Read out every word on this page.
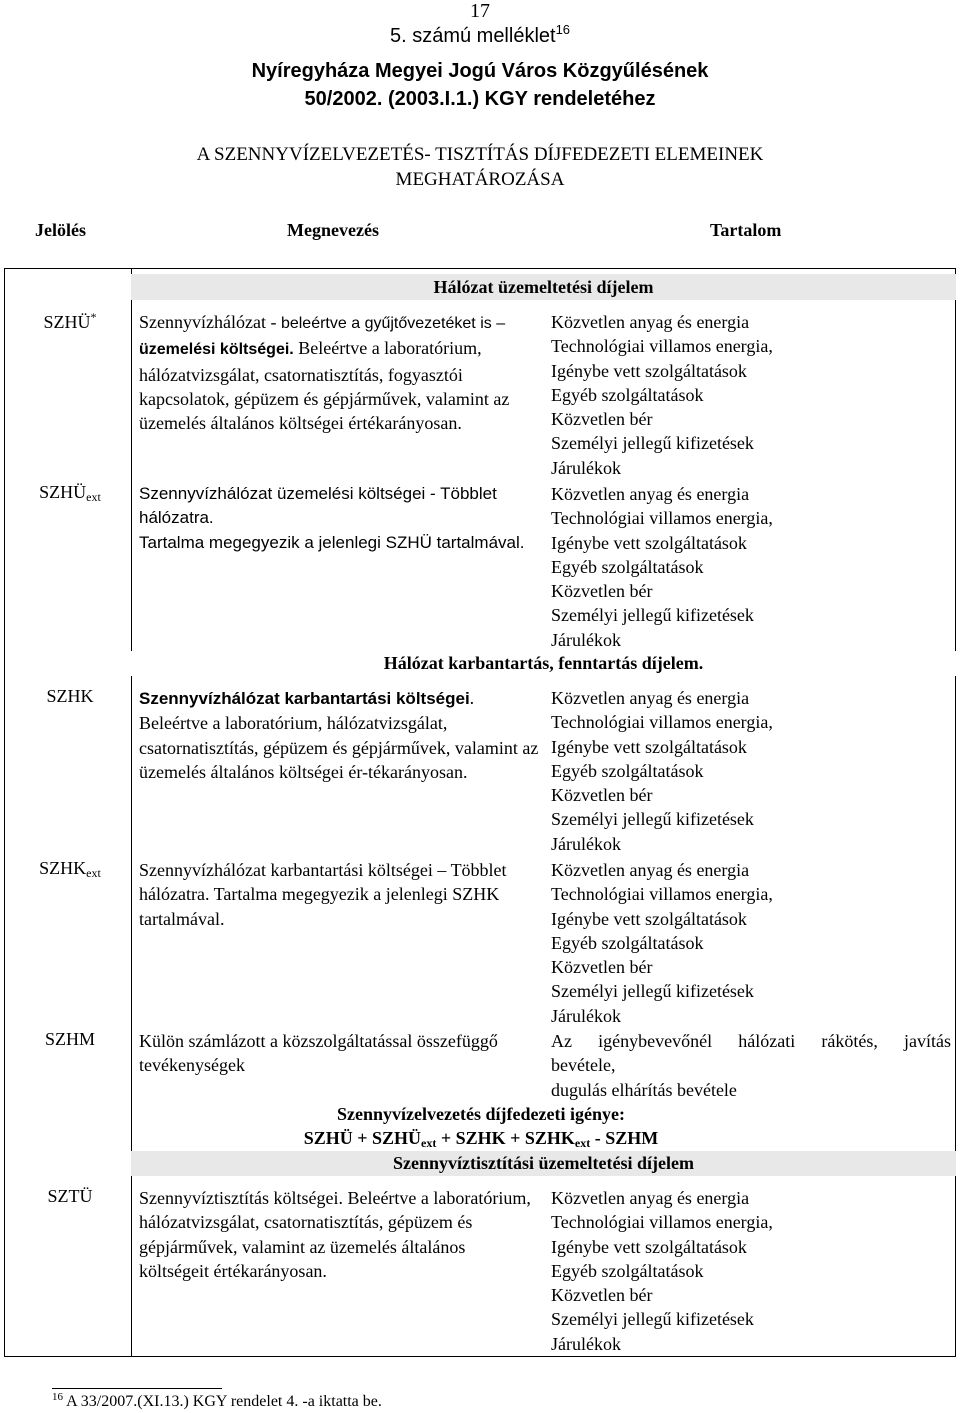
17
5. számú melléklet$^{16}$
Nyíregyháza Megyei Jogú Város Közgyűlésének
50/2002. (2003.I.1.) KGY rendeletéhez
A SZENNYVÍZELVEZETÉS- TISZTÍTÁS DÍJFEDEZETI ELEMEINEK
MEGHATÁROZÁSA
Jelölés	Megnevezés	Tartalom
Hálózat üzemeltetési díjelem
SZHÜ*	Szennyvízhálózat - beleértve a gyűjtővezetéket is – üzemelési költségei. Beleértve a laboratórium, hálózatvizsgálat, csatornatisztítás, fogyasztói kapcsolatok, gépüzem és gépjárművek, valamint az üzemelés általános költségei értékarányosan.
Közvetlen anyag és energia
Technológiai villamos energia,
Igénybe vett szolgáltatások
Egyéb szolgáltatások
Közvetlen bér
Személyi jellegű kifizetések
Járulékok
$SZHÜ_{ext}$	Szennyvízhálózat üzemelési költségei - Többlet hálózatra.
Tartalma megegyezik a jelenlegi SZHÜ tartalmával.
Közvetlen anyag és energia
Technológiai villamos energia,
Igénybe vett szolgáltatások
Egyéb szolgáltatások
Közvetlen bér
Személyi jellegű kifizetések
Járulékok
Hálózat karbantartás, fenntartás díjelem.
SZHK	Szennyvízhálózat karbantartási költségei. Beleértve a laboratórium, hálózatvizsgálat, csatornatisztítás, gépüzem és gépjárművek, valamint az üzemelés általános költségei ér-tékarányosan.
Közvetlen anyag és energia
Technológiai villamos energia,
Igénybe vett szolgáltatások
Egyéb szolgáltatások
Közvetlen bér
Személyi jellegű kifizetések
Járulékok
$SZHK_{ext}$	Szennyvízhálózat karbantartási költségei – Többlet hálózatra. Tartalma megegyezik a jelenlegi SZHK tartalmával.
Közvetlen anyag és energia
Technológiai villamos energia,
Igénybe vett szolgáltatások
Egyéb szolgáltatások
Közvetlen bér
Személyi jellegű kifizetések
Járulékok
SZHM	Külön számlázott a közszolgáltatással összefüggő tevékenységek
Az igénybevevőnél hálózati rákötés, javítás
bevétele,
dugulás elhárítás bevétele
Szennyvízelvezetés díjfedezeti igénye:
SZHÜ + $SZHÜ_{ext}$ + SZHK + $SZHK_{ext}$ - SZHM
Szennyvíztisztítási üzemeltetési díjelem
SZTÜ	Szennyvíztisztítás költségei. Beleértve a laboratórium, hálózatvizsgálat, csatornatisztítás, gépüzem és gépjárművek, valamint az üzemelés általános költségeit értékarányosan.
Közvetlen anyag és energia
Technológiai villamos energia,
Igénybe vett szolgáltatások
Egyéb szolgáltatások
Közvetlen bér
Személyi jellegű kifizetések
Járulékok
$^{16}$ A 33/2007.(XI.13.) KGY rendelet 4. -a iktatta be.
